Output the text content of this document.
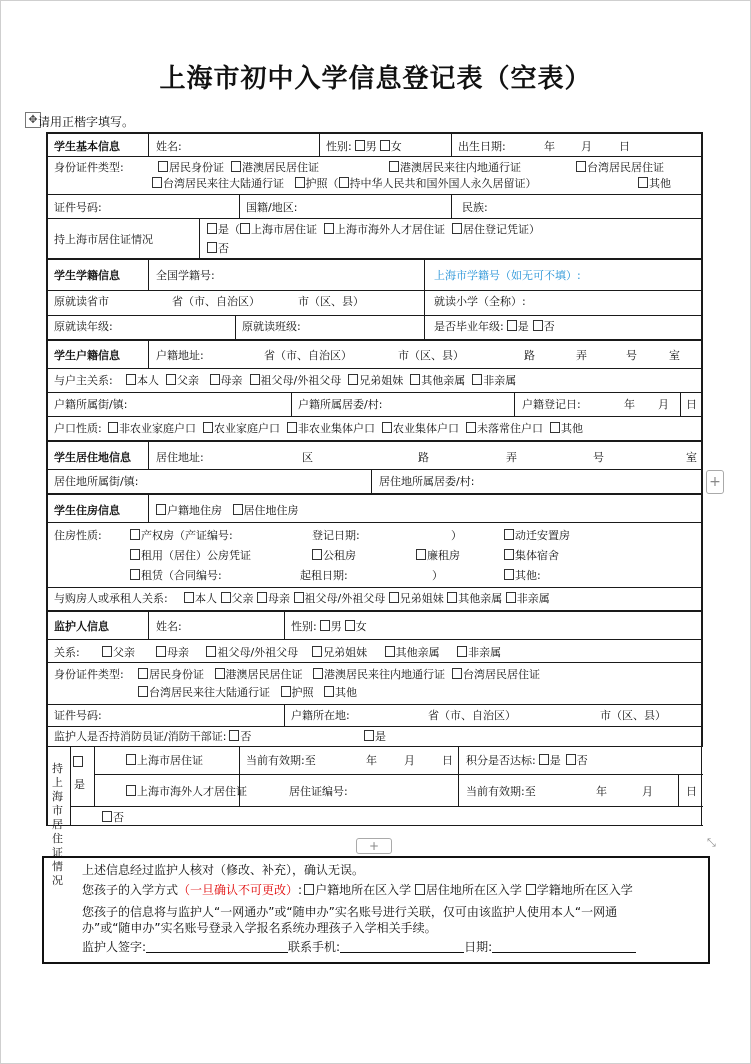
上海市初中入学信息登记表（空表）
✥ 请用正楷字填写。
学生基本信息	姓名:	性别: 男 女	出生日期:	年 月 日
身份证件类型:	居民身份证 港澳居民居住证	港澳居民来往内地通行证	台湾居民居住证
台湾居民来往大陆通行证 护照（ 持中华人民共和国外国人永久居留证）	其他
证件号码:	国籍/地区:	民族:
持上海市居住证情况
是（ 上海市居住证 上海市海外人才居住证 居住登记凭证）
否
学生学籍信息	全国学籍号:	上海市学籍号（如无可不填）:
原就读省市	省（市、自治区）	市（区、县）	就读小学（全称）:
原就读年级:	原就读班级:	是否毕业年级: 是 否
学生户籍信息	户籍地址:	省（市、自治区）	市（区、县）	路	弄	号	室
与户主关系:	本人 父亲 母亲 祖父母/外祖父母 兄弟姐妹 其他亲属 非亲属
户籍所属街/镇:	户籍所属居委/村:	户籍登记日:	年 月 日
户口性质:	非农业家庭户口 农业家庭户口 非农业集体户口 农业集体户口 未落常住户口 其他
学生居住地信息 居住地址:	区	路	弄	号	室
居住地所属街/镇:	居住地所属居委/村:
学生住房信息	户籍地住房 居住地住房
住房性质:	产权房（产证编号:	登记日期:	）	动迁安置房
租用（居住）公房凭证	公租房	廉租房	集体宿舍
租赁（合同编号:	起租日期:	）	其他:
与购房人或承租人关系:	本人 父亲 母亲 祖父母/外祖父母 兄弟姐妹 其他亲属 非亲属
监护人信息	姓名:	性别: 男 女
关系:	父亲	母亲	祖父母/外祖父母 兄弟姐妹	其他亲属	非亲属
身份证件类型:	居民身份证 港澳居民居住证 港澳居民来往内地通行证 台湾居民居住证
台湾居民来往大陆通行证 护照 其他
证件号码:	户籍所在地:	省（市、自治区）	市（区、县）
监护人是否持消防员证/消防干部证: 否	是
持上海市居住证情况
是
上海市居住证	当前有效期:至	年 月 日 积分是否达标: 是 否
上海市海外人才居住证	居住证编号:	当前有效期:至	年	月	日
否
+
+	⤡
上述信息经过监护人核对（修改、补充），确认无误。
您孩子的入学方式（一旦确认不可更改）: 户籍地所在区入学 居住地所在区入学 学籍地所在区入学
您孩子的信息将与监护人“一网通办”或“随申办”实名账号进行关联，仅可由该监护人使用本人“一网通
办”或“随申办”实名账号登录入学报名系统办理孩子入学相关手续。
监护人签字:	联系手机:	日期:
